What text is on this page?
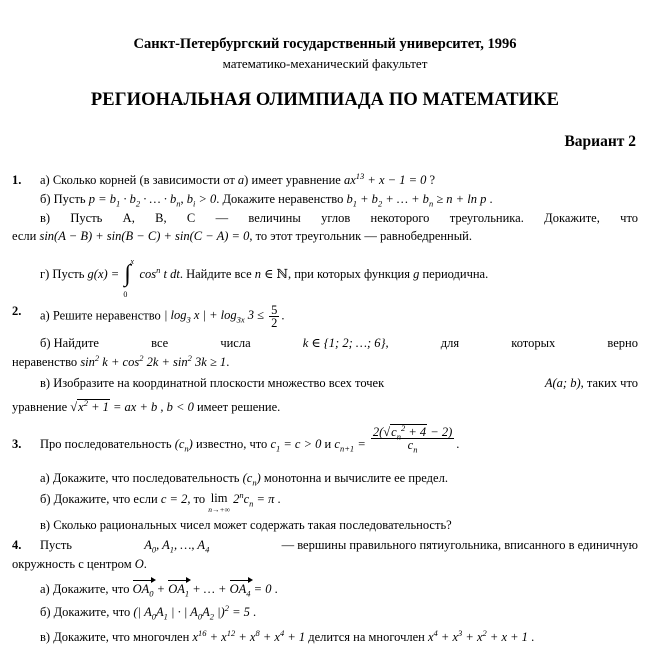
Санкт-Петербургский государственный университет, 1996
математико-механический факультет
РЕГИОНАЛЬНАЯ ОЛИМПИАДА ПО МАТЕМАТИКЕ
Вариант 2
1. а) Сколько корней (в зависимости от a) имеет уравнение $ax^{13} + x - 1 = 0$ ?
б) Пусть $p = b_1 \cdot b_2$ · … · $b_n$, $b_i > 0$. Докажите неравенство $b_1 + b_2$ + … + $b_n \ge n + \ln p$ .
в) Пусть A, B, C — величины углов некоторого треугольника. Докажите, что
если sin(A − B) + sin(B − C) + sin(C − A) = 0, то этот треугольник — равнобедренный.
г) Пусть g(x) =
x
∫
0
$\cos^n t$ dt. Найдите все n ∈ ℕ, при которых функция g периодична.
2. а) Решите неравенство | $\log_3 x$ | + $\log_{3x} 3 \le \frac{5}{2}$ .
б) Найдите	все	числа	k ∈ {1; 2; …; 6},	для	которых	верно
неравенство $\sin^2 k + \cos^2 2k + \sin^2 3k \ge 1$.
в) Изобразите на координатной плоскости множество всех точек	A(a; b), таких что
уравнение $√x^2 + 1$ = ax + b , b < 0 имеет решение.
3. Про последовательность $(c_n)$ известно, что $c_1 = c > 0$ и $c_{n+1} = \frac{2(√c_n^2 + 4 - 2)}{c_n}$ .
а) Докажите, что последовательность $(c_n)$ монотонна и вычислите ее предел.
б) Докажите, что если c = 2, то lim
n→+∞
$2^nc_n = \pi$ .
в) Сколько рациональных чисел может содержать такая последовательность?
4. Пусть	$A_0$, $A_1$, …, $A_4$	— вершины правильного пятиугольника, вписанного в единичную
окружность с центром O.
а) Докажите, что $OA_0 + OA_1$ + … + $OA_4 = 0$ .
б) Докажите, что (| $A_0A_1$ | · | $A_0A_2$ |)$^2$ = 5 .
в) Докажите, что многочлен $x^{16} + x^{12} + x^8 + x^4 + 1$ делится на многочлен $x^4 + x^3 + x^2 + x + 1$ .
